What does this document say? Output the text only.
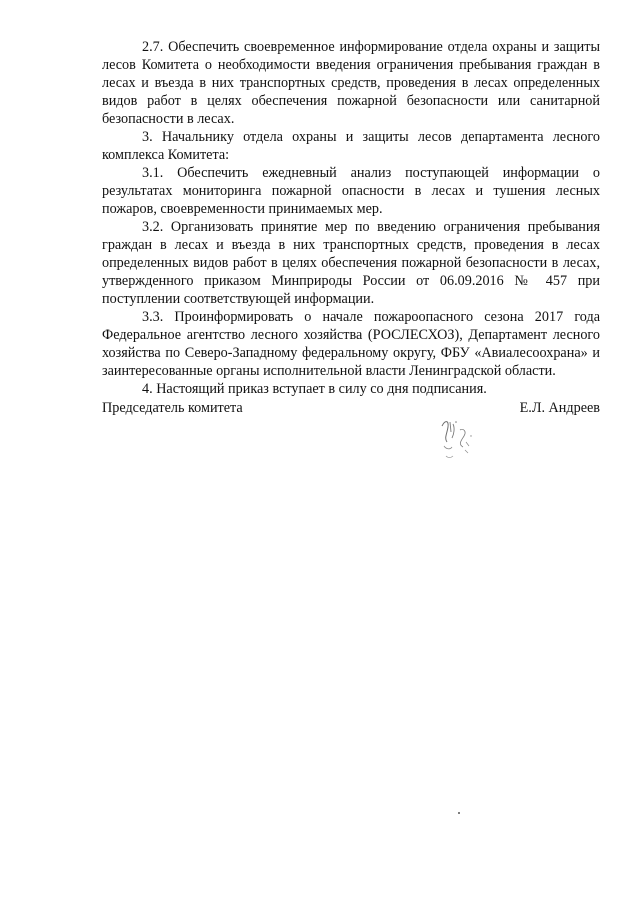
2.7. Обеспечить своевременное информирование отдела охраны и защиты лесов Комитета о необходимости введения ограничения пребывания граждан в лесах и въезда в них транспортных средств, проведения в лесах определенных видов работ в целях обеспечения пожарной безопасности или санитарной безопасности в лесах.

3. Начальнику отдела охраны и защиты лесов департамента лесного комплекса Комитета:

3.1. Обеспечить ежедневный анализ поступающей информации о результатах мониторинга пожарной опасности в лесах и тушения лесных пожаров, своевременности принимаемых мер.

3.2. Организовать принятие мер по введению ограничения пребывания граждан в лесах и въезда в них транспортных средств, проведения в лесах определенных видов работ в целях обеспечения пожарной безопасности в лесах, утвержденного приказом Минприроды России от 06.09.2016 № 457 при поступлении соответствующей информации.

3.3. Проинформировать о начале пожароопасного сезона 2017 года Федеральное агентство лесного хозяйства (РОСЛЕСХОЗ), Департамент лесного хозяйства по Северо-Западному федеральному округу, ФБУ «Авиалесоохрана» и заинтересованные органы исполнительной власти Ленинградской области.

4. Настоящий приказ вступает в силу со дня подписания.

Председатель комитета	Е.Л. Андреев
